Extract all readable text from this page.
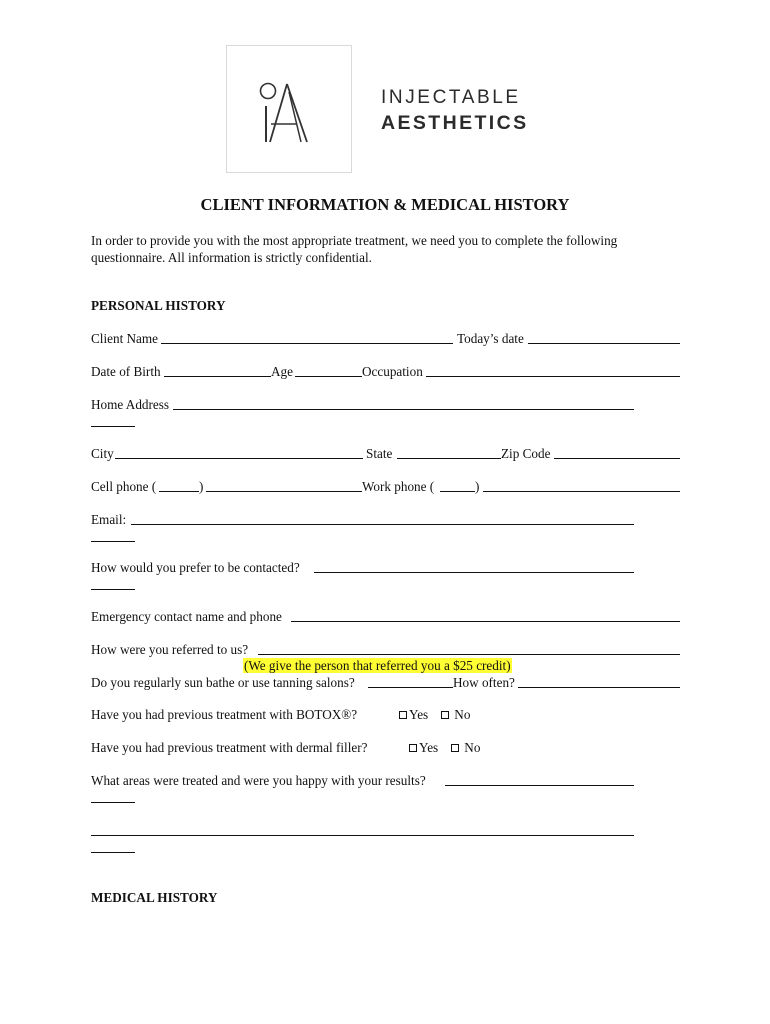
INJECTABLE
AESTHETICS
CLIENT INFORMATION & MEDICAL HISTORY
In order to provide you with the most appropriate treatment, we need you to complete the following
questionnaire. All information is strictly confidential.
PERSONAL HISTORY
Client Name	Today’s date
Date of Birth	Age	Occupation
Home Address
City	State	Zip Code
Cell phone (	)	Work phone (	)
Email:
How would you prefer to be contacted?
Emergency contact name and phone
How were you referred to us?
(We give the person that referred you a $25 credit)
Do you regularly sun bathe or use tanning salons?	How often?
Have you had previous treatment with BOTOX®?	Yes	No
Have you had previous treatment with dermal filler?	Yes	No
What areas were treated and were you happy with your results?
MEDICAL HISTORY
